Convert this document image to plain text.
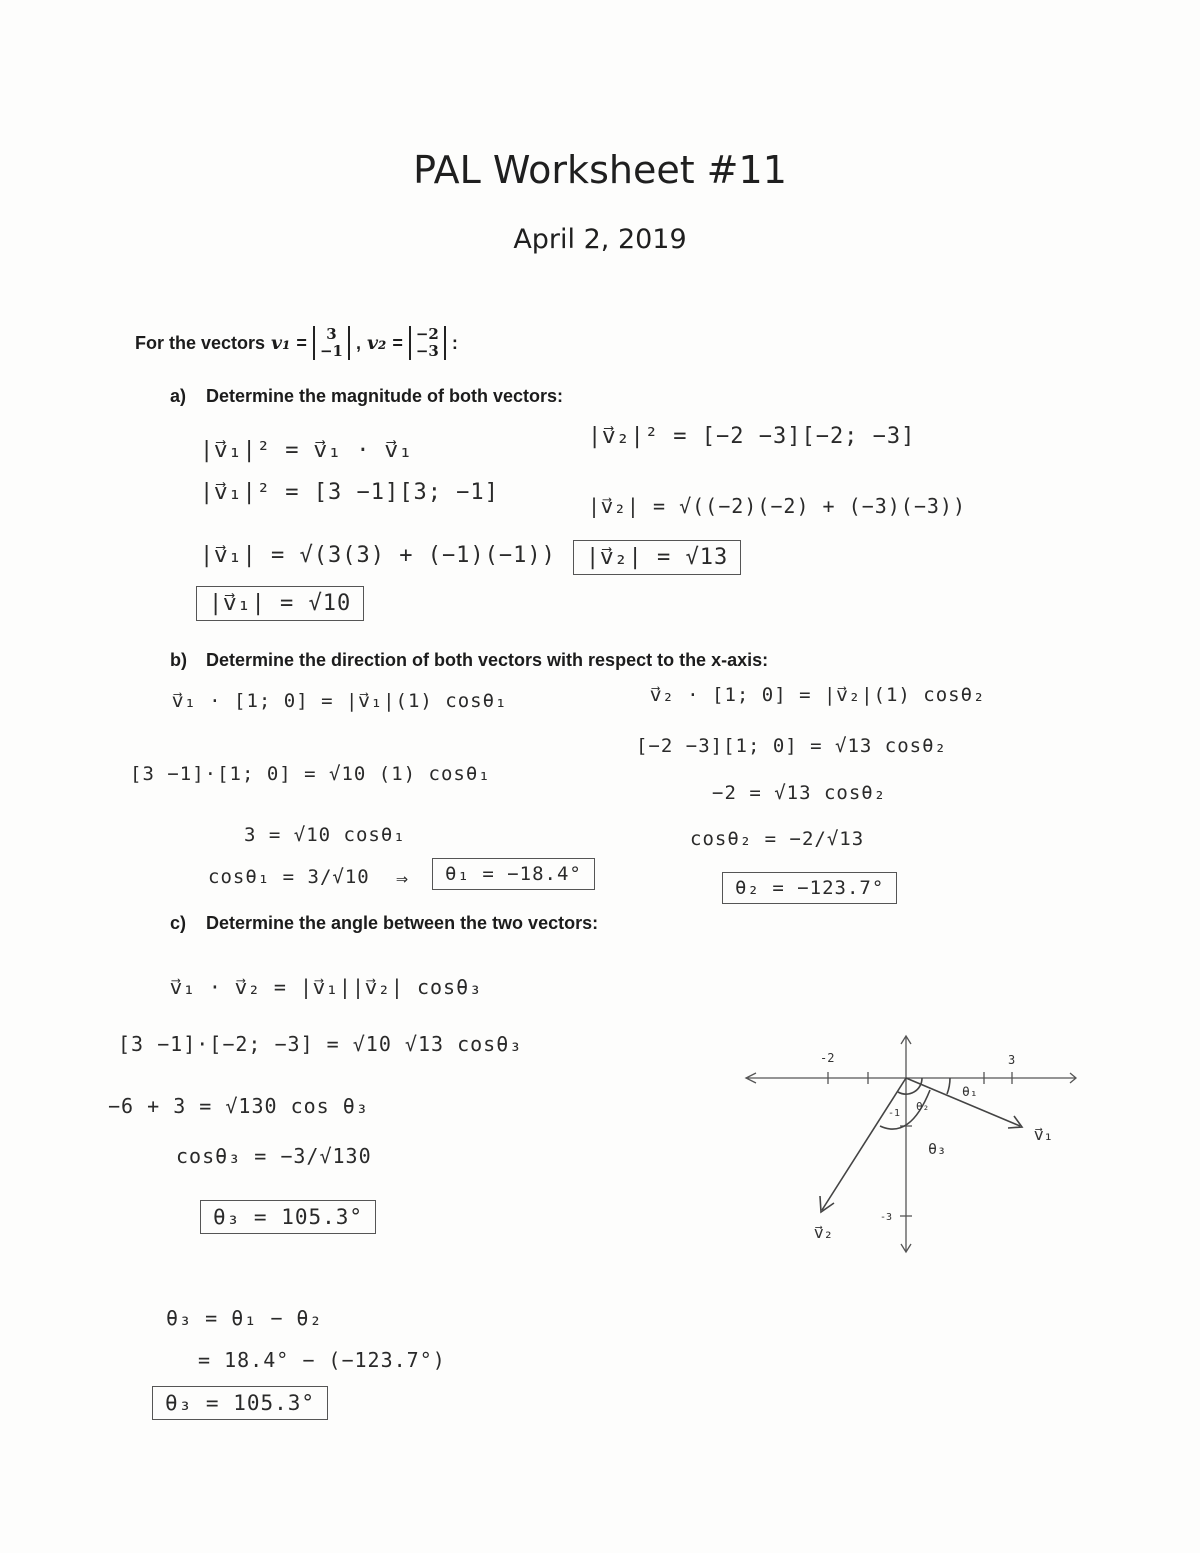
PAL Worksheet #11
April 2, 2019
For the vectors v₁ = 3
−1 , v₂ = −2
−3 :
a) Determine the magnitude of both vectors:
|v⃗₁|² = v⃗₁ · v⃗₁
|v⃗₁|² = [3 −1][3; −1]
|v⃗₁| = √(3(3) + (−1)(−1))
|v⃗₁| = √10
|v⃗₂|² = [−2 −3][−2; −3]
|v⃗₂| = √((−2)(−2) + (−3)(−3))
|v⃗₂| = √13
b) Determine the direction of both vectors with respect to the x-axis:
v⃗₁ · [1; 0] = |v⃗₁|(1) cosθ₁
[3 −1]·[1; 0] = √10 (1) cosθ₁
3 = √10 cosθ₁
cosθ₁ = 3/√10 ⇒	θ₁ = −18.4°
v⃗₂ · [1; 0] = |v⃗₂|(1) cosθ₂
[−2 −3][1; 0] = √13 cosθ₂
−2 = √13 cosθ₂
cosθ₂ = −2/√13
θ₂ = −123.7°
c) Determine the angle between the two vectors:
v⃗₁ · v⃗₂ = |v⃗₁||v⃗₂| cosθ₃
[3 −1]·[−2; −3] = √10 √13 cosθ₃
−6 + 3 = √130 cos θ₃
cosθ₃ = −3/√130
θ₃ = 105.3°
θ₃ = θ₁ − θ₂
= 18.4° − (−123.7°)
θ₃ = 105.3°
-2	3
-1
-3
θ₁
θ₂
θ₃
v⃗₁
v⃗₂
